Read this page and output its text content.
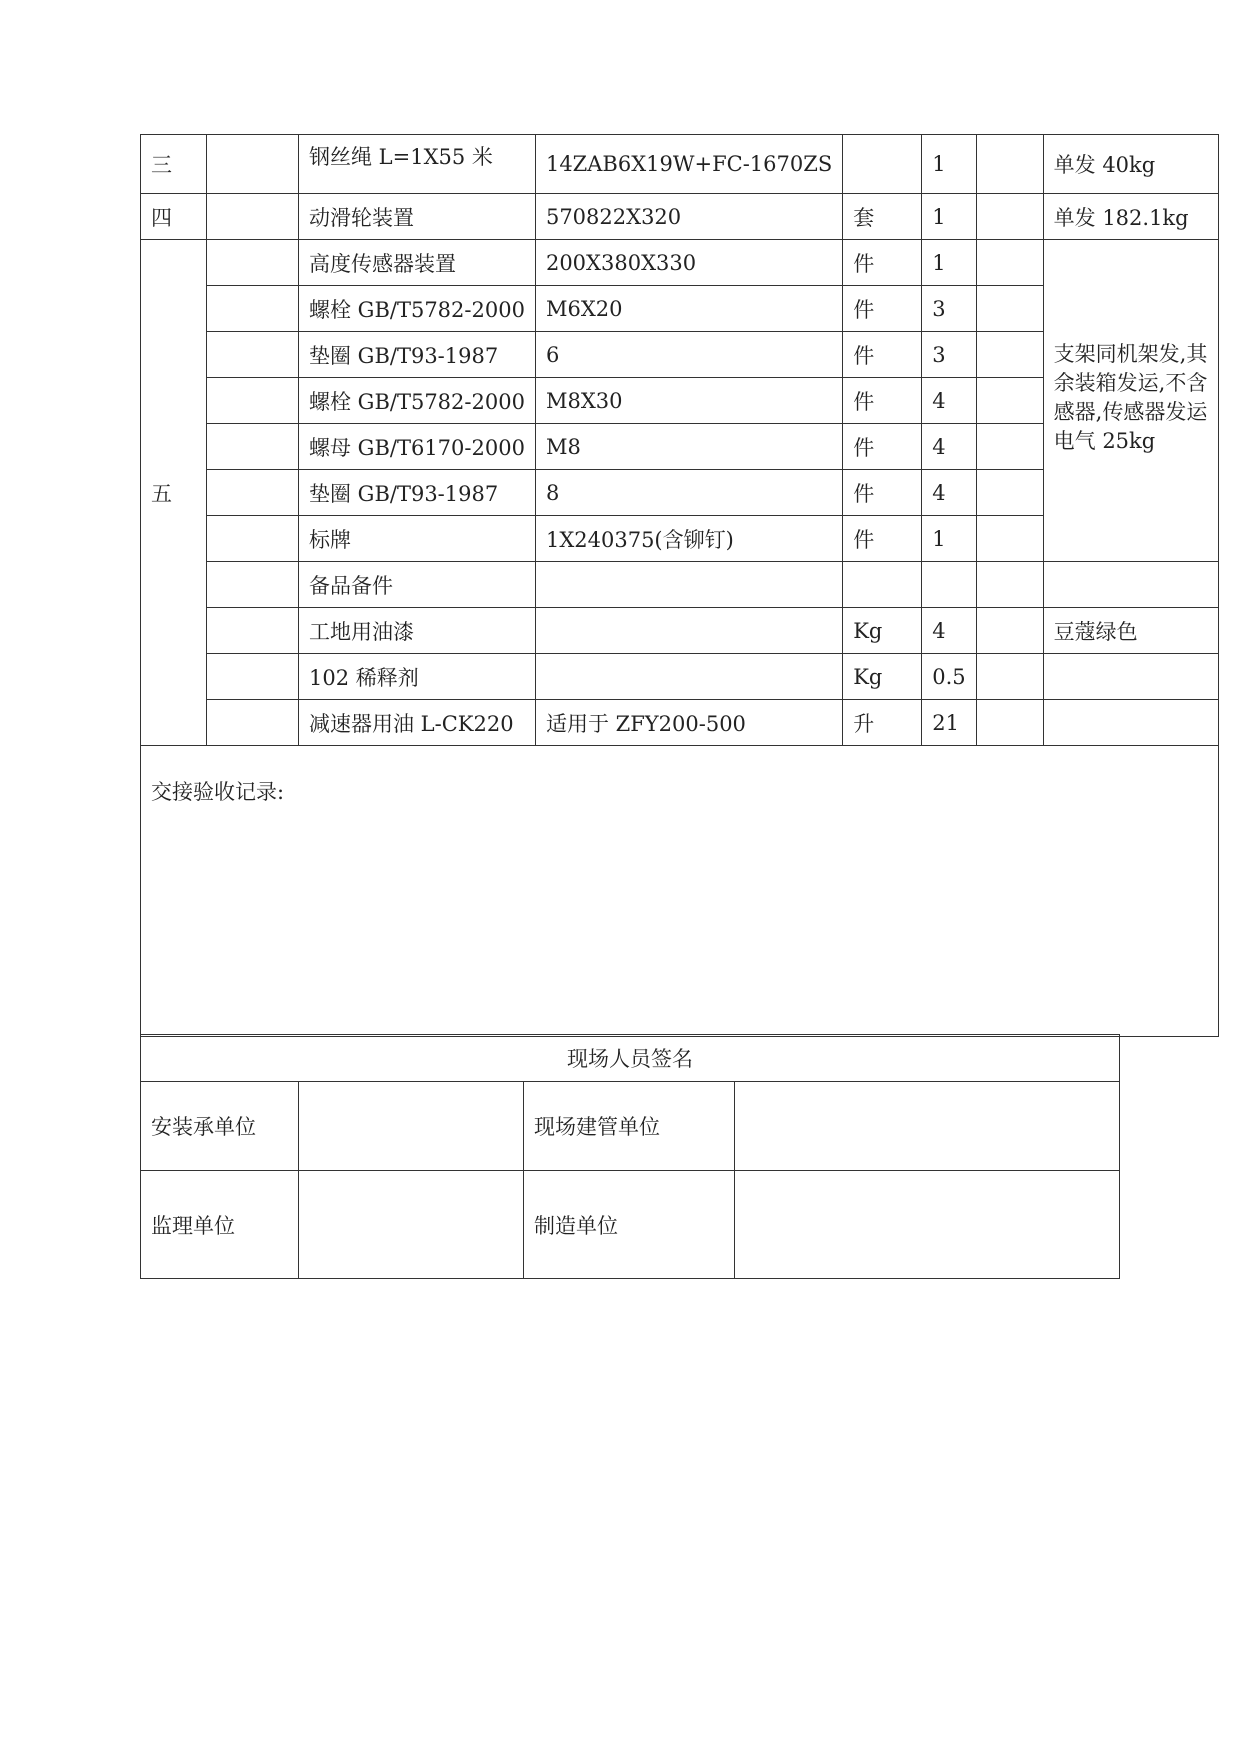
三		钢丝绳 L=1X55 米	14ZAB6X19W+FC-1670ZS		1		单发 40kg
四		动滑轮装置	570822X320	套	1		单发 182.1kg
五		高度传感器装置	200X380X330	件	1		支架同机架发,其余装箱发运,不含感器,传感器发运电气 25kg
		螺栓 GB/T5782-2000	M6X20	件	3		
		垫圈 GB/T93-1987	6	件	3		
		螺栓 GB/T5782-2000	M8X30	件	4		
		螺母 GB/T6170-2000	M8	件	4		
		垫圈 GB/T93-1987	8	件	4		
		标牌	1X240375(含铆钉)	件	1		
		备品备件					
		工地用油漆		Kg	4		豆蔻绿色
		102 稀释剂		Kg	0.5		
		减速器用油 L-CK220	适用于 ZFY200-500	升	21		
交接验收记录:							
现场人员签名			
安装承单位		现场建管单位	
监理单位		制造单位	
